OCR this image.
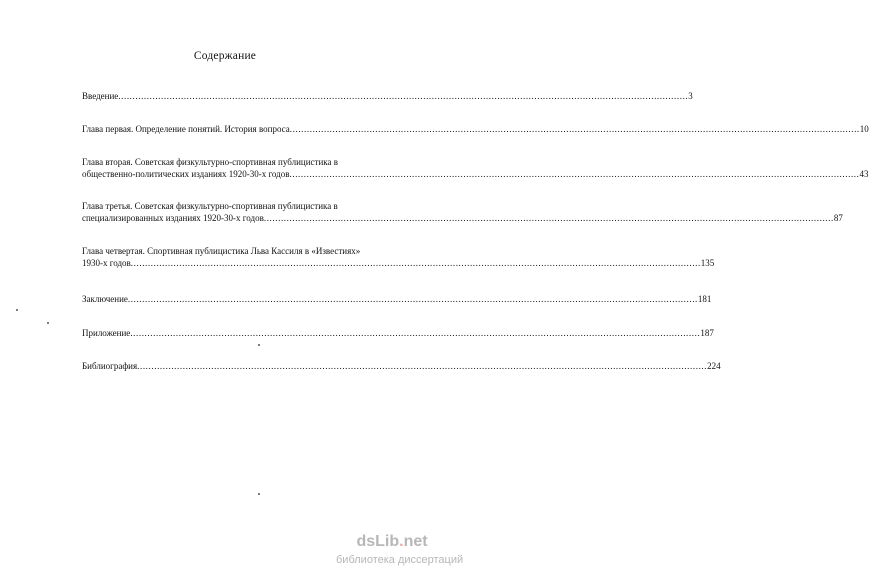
Содержание
Введение ........................................................................................................................................................................................................ 3
Глава первая. Определение понятий. История вопроса ........................................................................................................................................................................................................ 10
Глава вторая. Советская физкультурно-спортивная публицистика в
общественно-политических изданиях 1920-30-х годов ........................................................................................................................................................................................................ 43
Глава третья. Советская физкультурно-спортивная публицистика в
специализированных изданиях 1920-30-х годов ........................................................................................................................................................................................................ 87
Глава четвертая. Спортивная публицистика Льва Кассиля в «Известиях»
1930-х годов ........................................................................................................................................................................................................ 135
Заключение ........................................................................................................................................................................................................ 181
Приложение ........................................................................................................................................................................................................ 187
Библиография ........................................................................................................................................................................................................ 224
dsLib.net
библиотека диссертаций
